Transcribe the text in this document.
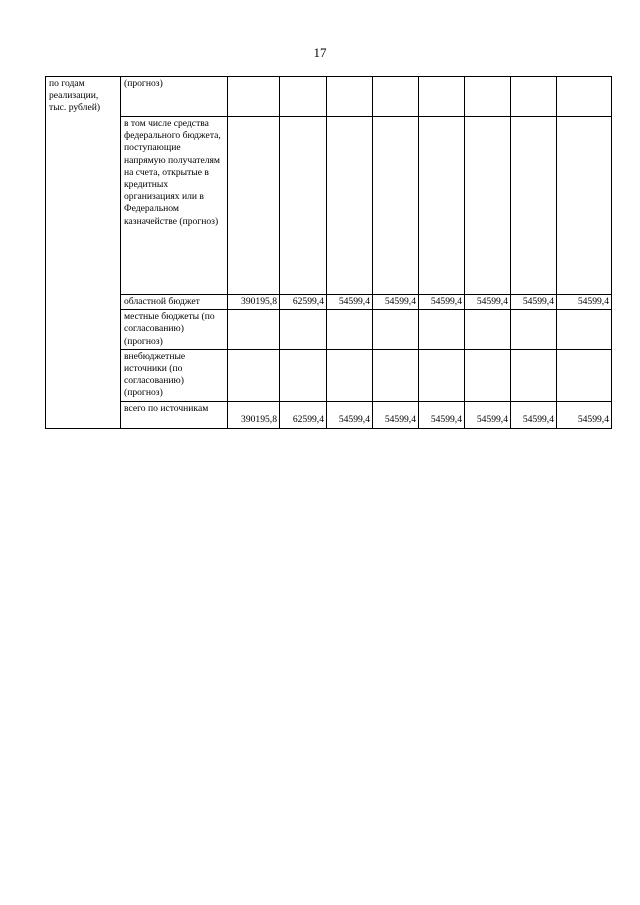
17
по годам реализации, тыс. рублей)	(прогноз)								
	в том числе средства федерального бюджета, поступающие напрямую получателям на счета, открытые в кредитных организациях или в Федеральном казначействе (прогноз)								
	областной бюджет	390195,8	62599,4	54599,4	54599,4	54599,4	54599,4	54599,4	54599,4
	местные бюджеты (по согласованию) (прогноз)								
	внебюджетные источники (по согласованию) (прогноз)								
	всего по источникам	390195,8	62599,4	54599,4	54599,4	54599,4	54599,4	54599,4	54599,4
